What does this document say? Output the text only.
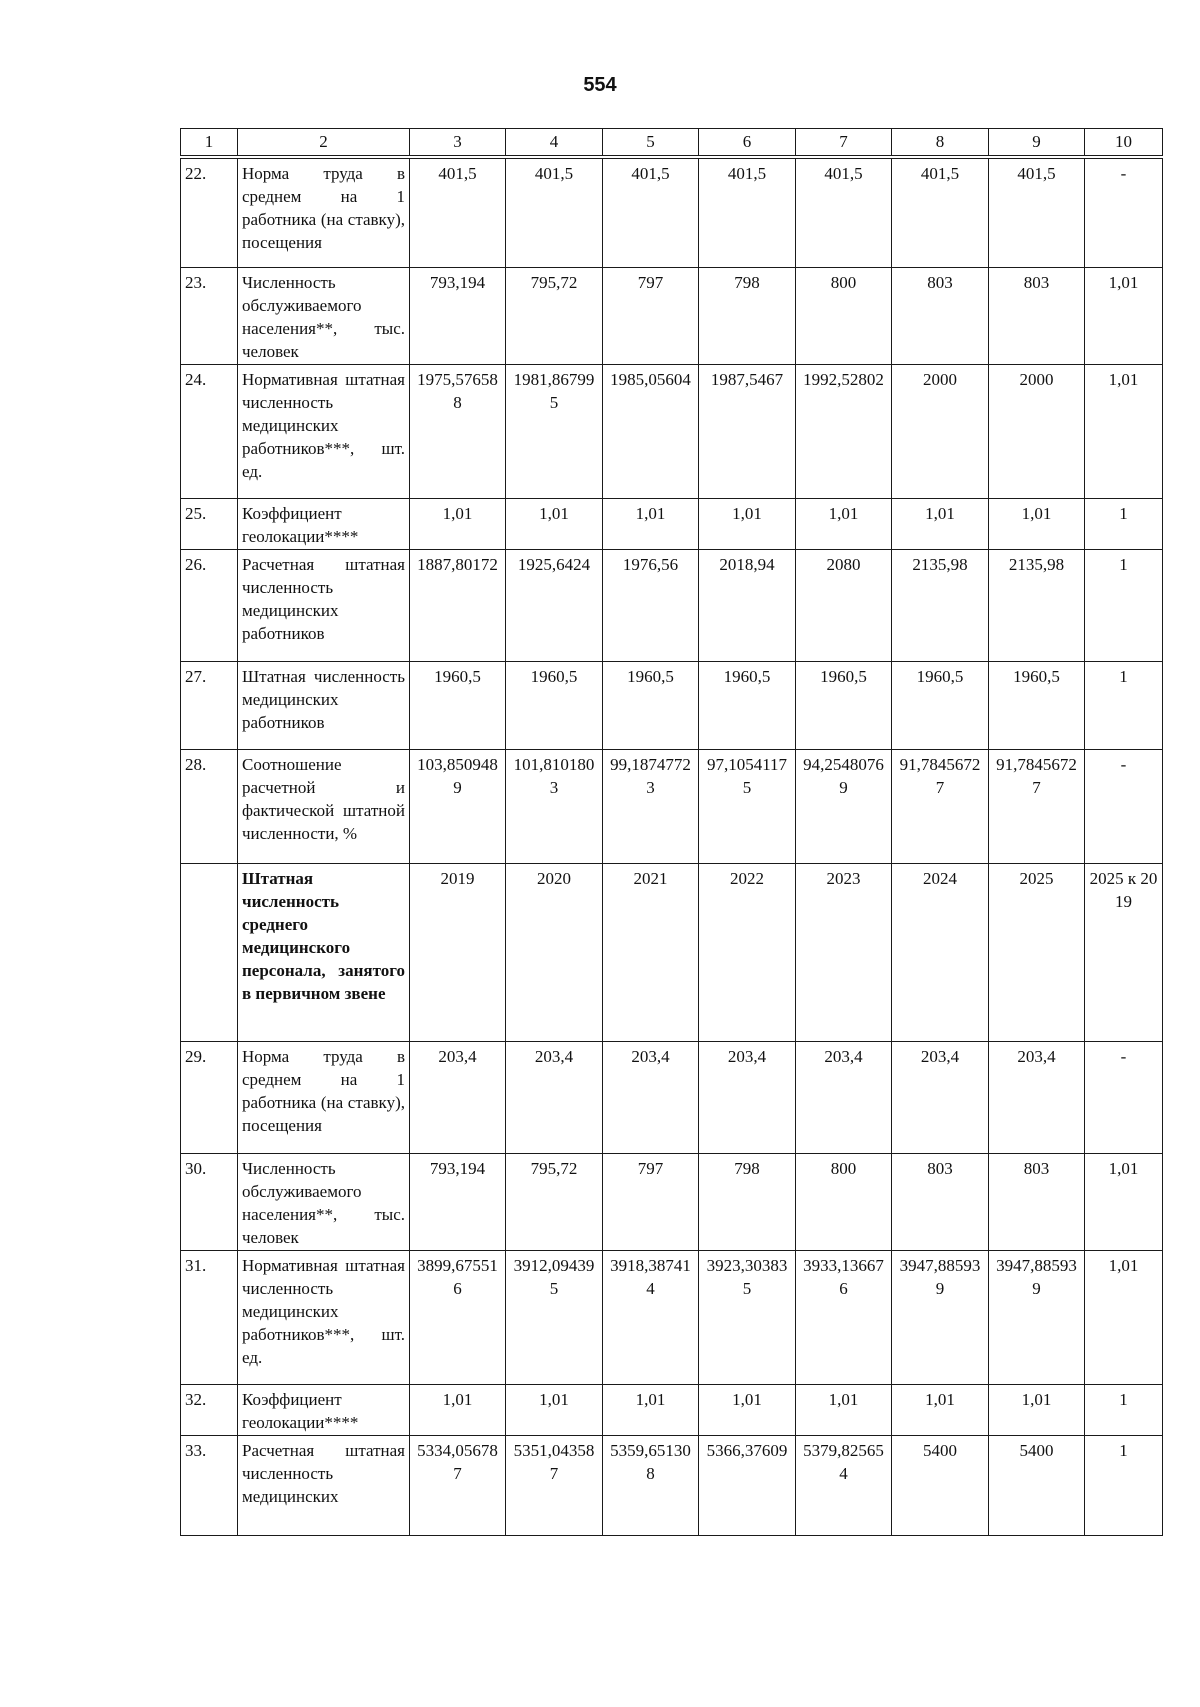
554
1	2	3	4	5	6	7	8	9	10
22.	Норма труда в среднем на 1 работника (на ставку), посещения	401,5	401,5	401,5	401,5	401,5	401,5	401,5	-
23.	Численность обслуживаемого населения**, тыс. человек	793,194	795,72	797	798	800	803	803	1,01
24.	Нормативная штатная численность медицинских работников***, шт. ед.	1975,576588	1981,867995	1985,05604	1987,5467	1992,52802	2000	2000	1,01
25.	Коэффициент геолокации****	1,01	1,01	1,01	1,01	1,01	1,01	1,01	1
26.	Расчетная штатная численность медицинских работников	1887,80172	1925,6424	1976,56	2018,94	2080	2135,98	2135,98	1
27.	Штатная численность медицинских работников	1960,5	1960,5	1960,5	1960,5	1960,5	1960,5	1960,5	1
28.	Соотношение расчетной и фактической штатной численности, %	103,8509489	101,8101803	99,18747723	97,10541175	94,25480769	91,78456727	91,78456727	-
	Штатная численность среднего медицинского персонала, занятого в первичном звене	2019	2020	2021	2022	2023	2024	2025	2025 к 2019
29.	Норма труда в среднем на 1 работника (на ставку), посещения	203,4	203,4	203,4	203,4	203,4	203,4	203,4	-
30.	Численность обслуживаемого населения**, тыс. человек	793,194	795,72	797	798	800	803	803	1,01
31.	Нормативная штатная численность медицинских работников***, шт. ед.	3899,675516	3912,094395	3918,387414	3923,303835	3933,136676	3947,885939	3947,885939	1,01
32.	Коэффициент геолокации****	1,01	1,01	1,01	1,01	1,01	1,01	1,01	1
33.	Расчетная штатная численность медицинских	5334,056787	5351,043587	5359,651308	5366,37609	5379,825654	5400	5400	1
